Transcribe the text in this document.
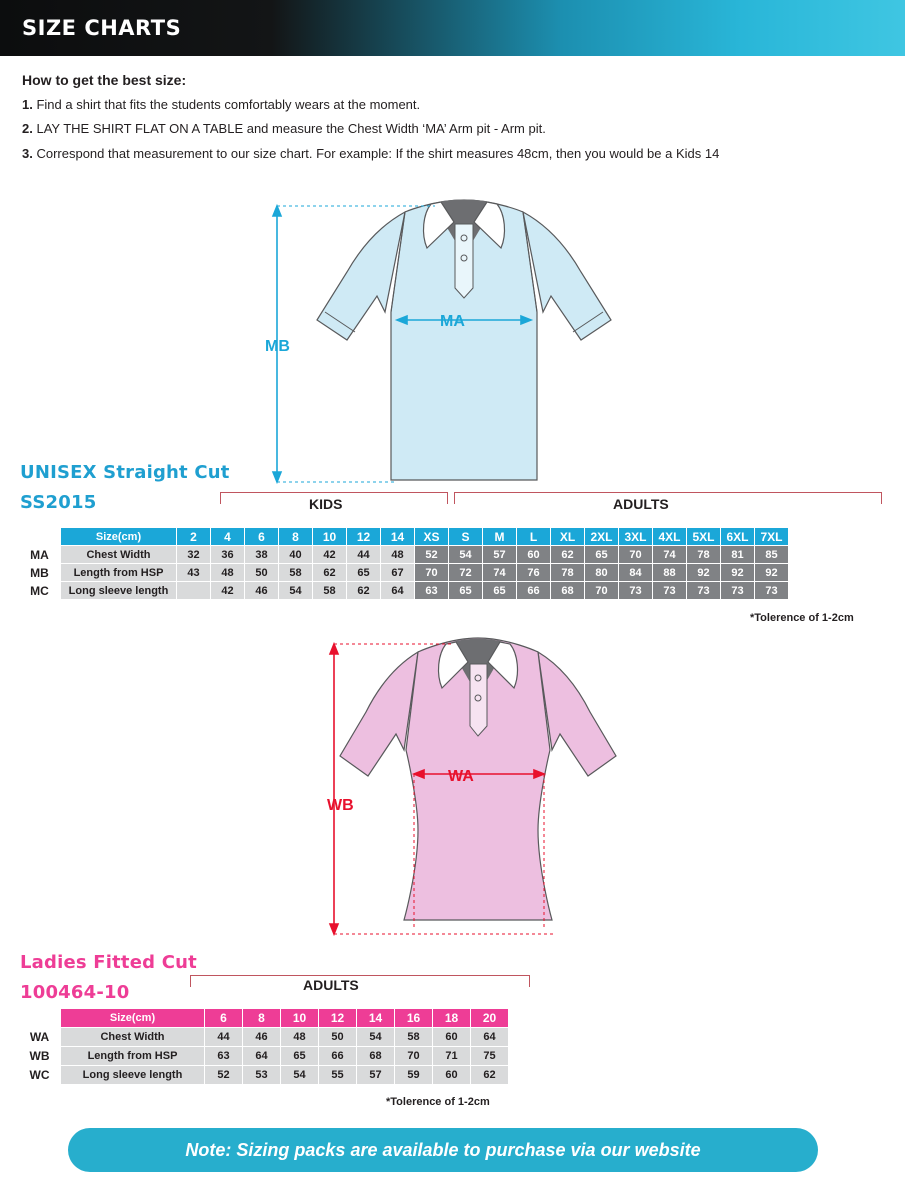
SIZE CHARTS
How to get the best size:
1. Find a shirt that fits the students comfortably wears at the moment.
2. LAY THE SHIRT FLAT ON A TABLE and measure the Chest Width ‘MA’ Arm pit - Arm pit.
3. Correspond that measurement to our size chart. For example: If the shirt measures 48cm, then you would be a Kids 14
MA
MB
UNISEX Straight Cut
SS2015	KIDS	ADULTS
	Size(cm)	2	4	6	8	10	12	14	XS	S	M	L	XL	2XL	3XL	4XL	5XL	6XL	7XL
MA	Chest Width	32	36	38	40	42	44	48	52	54	57	60	62	65	70	74	78	81	85
MB	Length from HSP	43	48	50	58	62	65	67	70	72	74	76	78	80	84	88	92	92	92
MC	Long sleeve length		42	46	54	58	62	64	63	65	65	66	68	70	73	73	73	73	73
*Tolerence of 1-2cm
WA
WB
Ladies Fitted Cut
100464-10	ADULTS
	Size(cm)	6	8	10	12	14	16	18	20
WA	Chest Width	44	46	48	50	54	58	60	64
WB	Length from HSP	63	64	65	66	68	70	71	75
WC	Long sleeve length	52	53	54	55	57	59	60	62
*Tolerence of 1-2cm
Note: Sizing packs are available to purchase via our website
